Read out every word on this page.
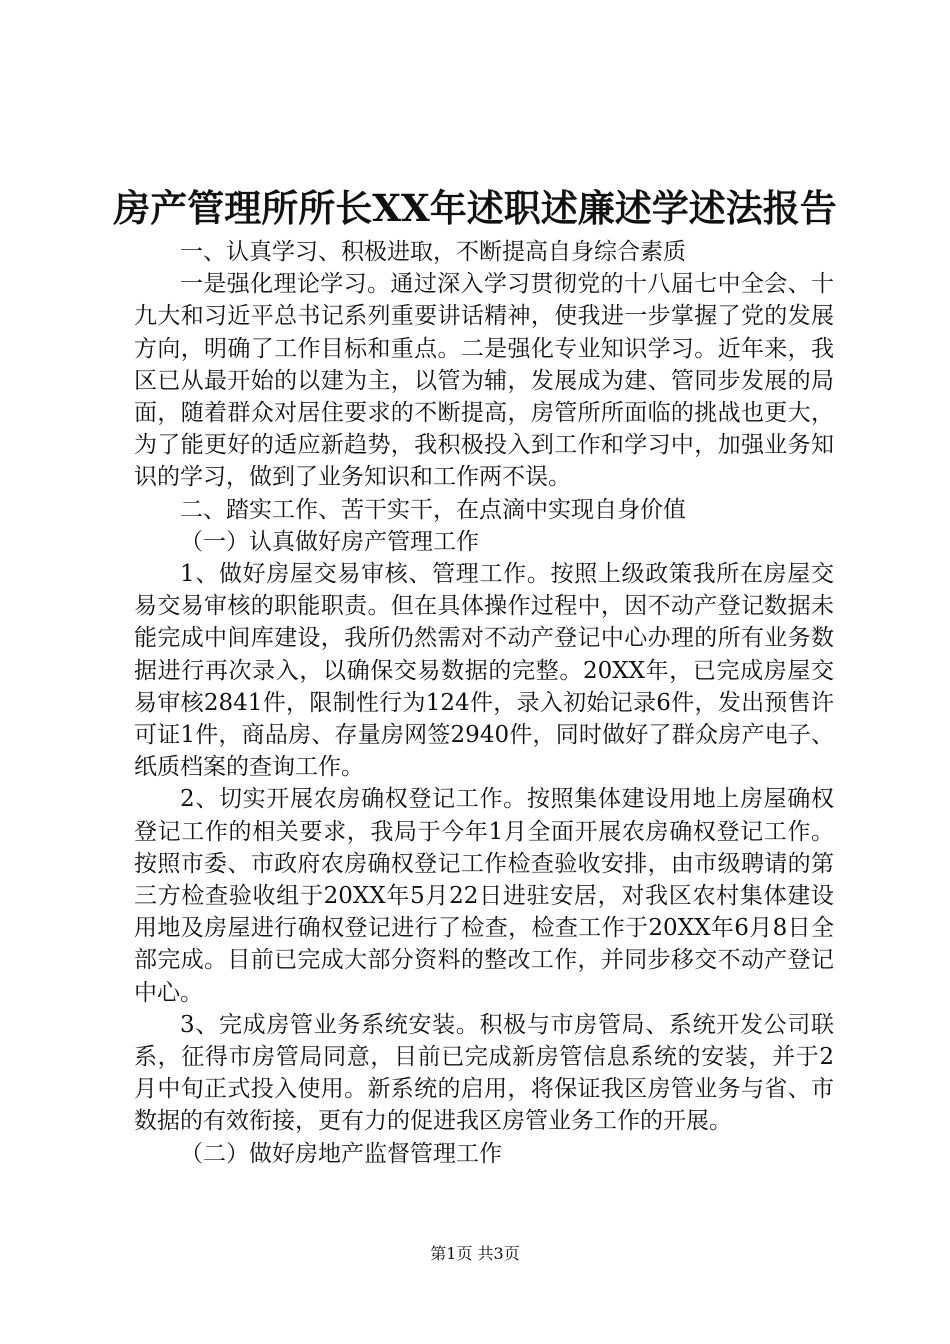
房产管理所所长XX年述职述廉述学述法报告

一、认真学习、积极进取，不断提高自身综合素质

一是强化理论学习。通过深入学习贯彻党的十八届七中全会、十九大和习近平总书记系列重要讲话精神，使我进一步掌握了党的发展方向，明确了工作目标和重点。二是强化专业知识学习。近年来，我区已从最开始的以建为主，以管为辅，发展成为建、管同步发展的局面，随着群众对居住要求的不断提高，房管所所面临的挑战也更大，为了能更好的适应新趋势，我积极投入到工作和学习中，加强业务知识的学习，做到了业务知识和工作两不误。

二、踏实工作、苦干实干，在点滴中实现自身价值

（一）认真做好房产管理工作

1、做好房屋交易审核、管理工作。按照上级政策我所在房屋交易交易审核的职能职责。但在具体操作过程中，因不动产登记数据未能完成中间库建设，我所仍然需对不动产登记中心办理的所有业务数据进行再次录入，以确保交易数据的完整。20XX年，已完成房屋交易审核2841件，限制性行为124件，录入初始记录6件，发出预售许可证1件，商品房、存量房网签2940件，同时做好了群众房产电子、纸质档案的查询工作。

2、切实开展农房确权登记工作。按照集体建设用地上房屋确权登记工作的相关要求，我局于今年1月全面开展农房确权登记工作。按照市委、市政府农房确权登记工作检查验收安排，由市级聘请的第三方检查验收组于20XX年5月22日进驻安居，对我区农村集体建设用地及房屋进行确权登记进行了检查，检查工作于20XX年6月8日全部完成。目前已完成大部分资料的整改工作，并同步移交不动产登记中心。

3、完成房管业务系统安装。积极与市房管局、系统开发公司联系，征得市房管局同意，目前已完成新房管信息系统的安装，并于2月中旬正式投入使用。新系统的启用，将保证我区房管业务与省、市数据的有效衔接，更有力的促进我区房管业务工作的开展。

（二）做好房地产监督管理工作

第1页 共3页
